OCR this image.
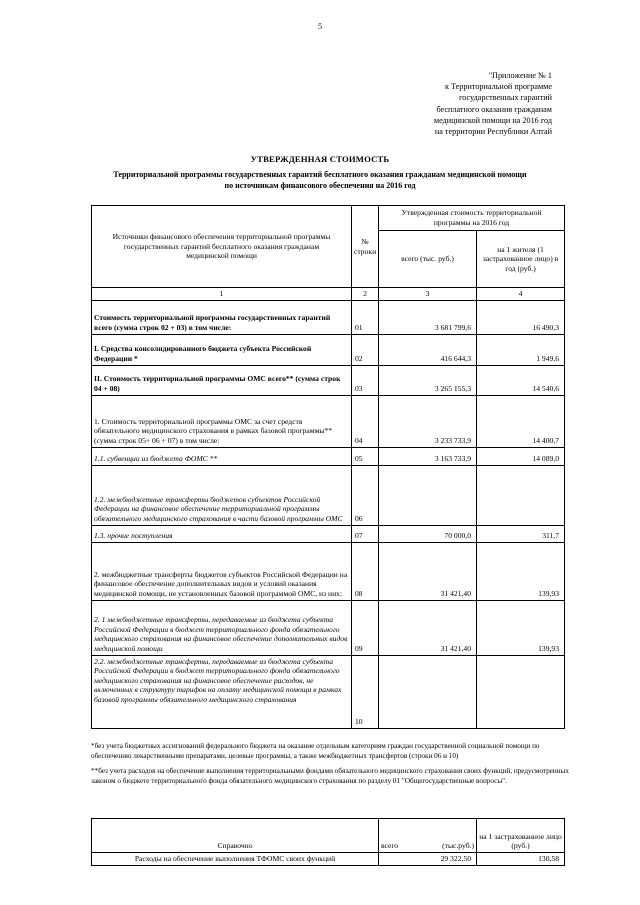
5
"Приложение № 1
к Территориальной программе
государственных гарантий
бесплатного оказания гражданам
медицинской помощи на 2016 год
на территории Республики Алтай
УТВЕРЖДЕННАЯ СТОИМОСТЬ
Территориальной программы государственных гарантий бесплатного оказания гражданам медицинской помощи
по источникам финансового обеспечения на 2016 год
Источники финансового обеспечения территориальной программы государственных гарантий бесплатного оказания гражданам медицинской помощи	№ строки	Утвержденная стоимость территориальной программы на 2016 год	
		всего (тыс. руб.)	на 1 жителя (1 застрахованное лицо) в год (руб.)
1	2	3	4
Стоимость территориальной программы государственных гарантий всего (сумма строк 02 + 03) в том числе:	01	3 681 799,6	16 490,3
I. Средства консолидированного бюджета субъекта Российской Федерации *	02	416 644,3	1 949,6
II. Стоимость территориальной программы ОМС всего** (сумма строк 04 + 08)	03	3 265 155,3	14 540,6
1. Стоимость территориальной программы ОМС за счет средств обязательного медицинского страхования в рамках базовой программы** (сумма строк 05+ 06 + 07) в том числе:	04	3 233 733,9	14 400,7
1.1. субвенции из бюджета ФОМС **	05	3 163 733,9	14 089,0
1.2. межбюджетные трансферты бюджетов субъектов Российской Федерации на финансовое обеспечение территориальной программы обязательного медицинского страхования в части базовой программы ОМС	06		
1.3. прочие поступления	07	70 000,0	311,7
2. межбюджетные трансферты бюджетов субъектов Российской Федерации на финансовое обеспечение дополнительных видов и условий оказания медицинской помощи, не установленных базовой программой ОМС, из них:	08	31 421,40	139,93
2. 1 межбюджетные трансферты, передаваемые из бюджета субъекта Российской Федерации в бюджет территориального фонда обязательного медицинского страхования на финансовое обеспечение дополнительных видов медицинской помощи	09	31 421,40	139,93
2.2. межбюджетные трансферты, передаваемые из бюджета субъекта Российской Федерации в бюджет территориального фонда обязательного медицинского страхования на финансовое обеспечение расходов, не включенных в структуру тарифов на оплату медицинской помощи в рамках базовой программы обязательного медицинского страхования	10		

*без учета бюджетных ассигнований федерального бюджета на оказание отдельным категориям граждан государственной социальной помощи по обеспечению лекарственными препаратами, целевые программы, а также межбюджетных трансфертов (строки 06 и 10)

**без учета расходов на обеспечение выполнения территориальными фондами обязательного медицинского страхования своих функций, предусмотренных законом о бюджете территориального фонда обязательного медицинского страхования по разделу 01 "Общегосударственные вопросы".

Справочно	всего (тыс.руб.)	на 1 застрахованное лицо (руб.)
Расходы на обеспечение выполнения ТФОМС своих функций	29 322,50	130,58
